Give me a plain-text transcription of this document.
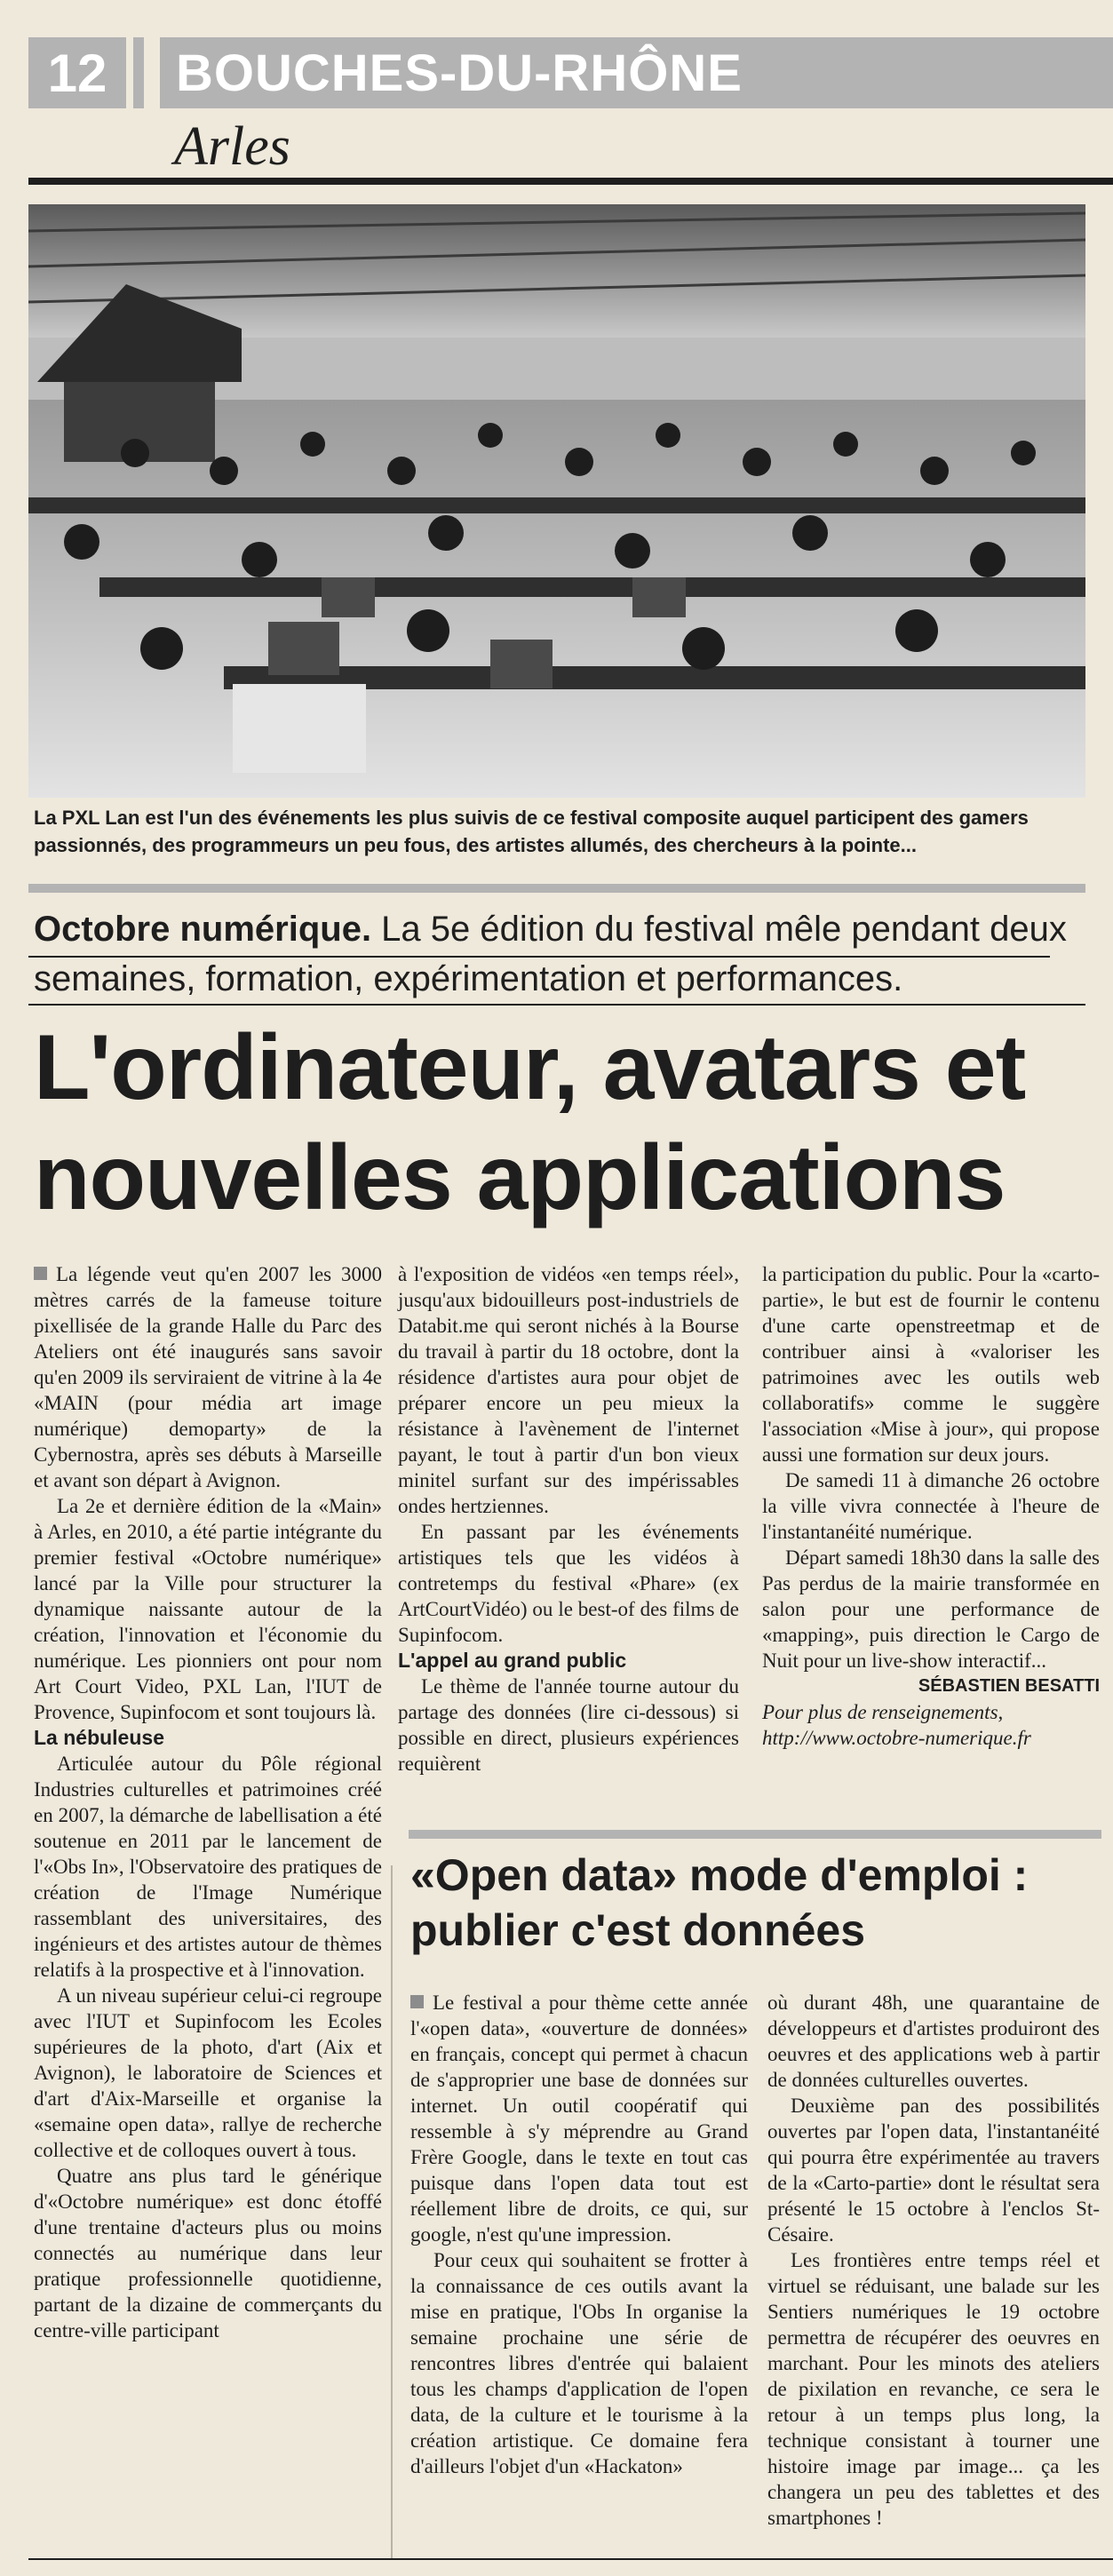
12	BOUCHES-DU-RHÔNE
Arles
La PXL Lan est l'un des événements les plus suivis de ce festival composite auquel participent des gamers passionnés, des programmeurs un peu fous, des artistes allumés, des chercheurs à la pointe...
Octobre numérique. La 5e édition du festival mêle pendant deux semaines, formation, expérimentation et performances.
L'ordinateur, avatars et nouvelles applications

La légende veut qu'en 2007 les 3000 mètres carrés de la fameuse toiture pixellisée de la grande Halle du Parc des Ateliers ont été inaugurés sans savoir qu'en 2009 ils serviraient de vitrine à la 4e «MAIN (pour média art image numérique) demoparty» de la Cybernostra, après ses débuts à Marseille et avant son départ à Avignon.

La 2e et dernière édition de la «Main» à Arles, en 2010, a été partie intégrante du premier festival «Octobre numérique» lancé par la Ville pour structurer la dynamique naissante autour de la création, l'innovation et l'économie du numérique. Les pionniers ont pour nom Art Court Video, PXL Lan, l'IUT de Provence, Supinfocom et sont toujours là.

La nébuleuse

Articulée autour du Pôle régional Industries culturelles et patrimoines créé en 2007, la démarche de labellisation a été soutenue en 2011 par le lancement de l'«Obs In», l'Observatoire des pratiques de création de l'Image Numérique rassemblant des universitaires, des ingénieurs et des artistes autour de thèmes relatifs à la prospective et à l'innovation.

A un niveau supérieur celui-ci regroupe avec l'IUT et Supinfocom les Ecoles supérieures de la photo, d'art (Aix et Avignon), le laboratoire de Sciences et d'art d'Aix-Marseille et organise la «semaine open data», rallye de recherche collective et de colloques ouvert à tous.

Quatre ans plus tard le générique d'«Octobre numérique» est donc étoffé d'une trentaine d'acteurs plus ou moins connectés au numérique dans leur pratique professionnelle quotidienne, partant de la dizaine de commerçants du centre-ville participant

à l'exposition de vidéos «en temps réel», jusqu'aux bidouilleurs post-industriels de Databit.me qui seront nichés à la Bourse du travail à partir du 18 octobre, dont la résidence d'artistes aura pour objet de préparer encore un peu mieux la résistance à l'avènement de l'internet payant, le tout à partir d'un bon vieux minitel surfant sur des impérissables ondes hertziennes.

En passant par les événements artistiques tels que les vidéos à contretemps du festival «Phare» (ex ArtCourtVidéo) ou le best-of des films de Supinfocom.

L'appel au grand public

Le thème de l'année tourne autour du partage des données (lire ci-dessous) si possible en direct, plusieurs expériences requièrent

la participation du public. Pour la «carto-partie», le but est de fournir le contenu d'une carte openstreetmap et de contribuer ainsi à «valoriser les patrimoines avec les outils web collaboratifs» comme le suggère l'association «Mise à jour», qui propose aussi une formation sur deux jours.

De samedi 11 à dimanche 26 octobre la ville vivra connectée à l'heure de l'instantanéité numérique.

Départ samedi 18h30 dans la salle des Pas perdus de la mairie transformée en salon pour une performance de «mapping», puis direction le Cargo de Nuit pour un live-show interactif...

SÉBASTIEN BESATTI

Pour plus de renseignements,

http://www.octobre-numerique.fr

«Open data» mode d'emploi : publier c'est données

Le festival a pour thème cette année l'«open data», «ouverture de données» en français, concept qui permet à chacun de s'approprier une base de données sur internet. Un outil coopératif qui ressemble à s'y méprendre au Grand Frère Google, dans le texte en tout cas puisque dans l'open data tout est réellement libre de droits, ce qui, sur google, n'est qu'une impression.

Pour ceux qui souhaitent se frotter à la connaissance de ces outils avant la mise en pratique, l'Obs In organise la semaine prochaine une série de rencontres libres d'entrée qui balaient tous les champs d'application de l'open data, de la culture et le tourisme à la création artistique. Ce domaine fera d'ailleurs l'objet d'un «Hackaton»

où durant 48h, une quarantaine de développeurs et d'artistes produiront des oeuvres et des applications web à partir de données culturelles ouvertes.

Deuxième pan des possibilités ouvertes par l'open data, l'instantanéité qui pourra être expérimentée au travers de la «Carto-partie» dont le résultat sera présenté le 15 octobre à l'enclos St-Césaire.

Les frontières entre temps réel et virtuel se réduisant, une balade sur les Sentiers numériques le 19 octobre permettra de récupérer des oeuvres en marchant. Pour les minots des ateliers de pixilation en revanche, ce sera le retour à un temps plus long, la technique consistant à tourner une histoire image par image... ça les changera un peu des tablettes et des smartphones !
